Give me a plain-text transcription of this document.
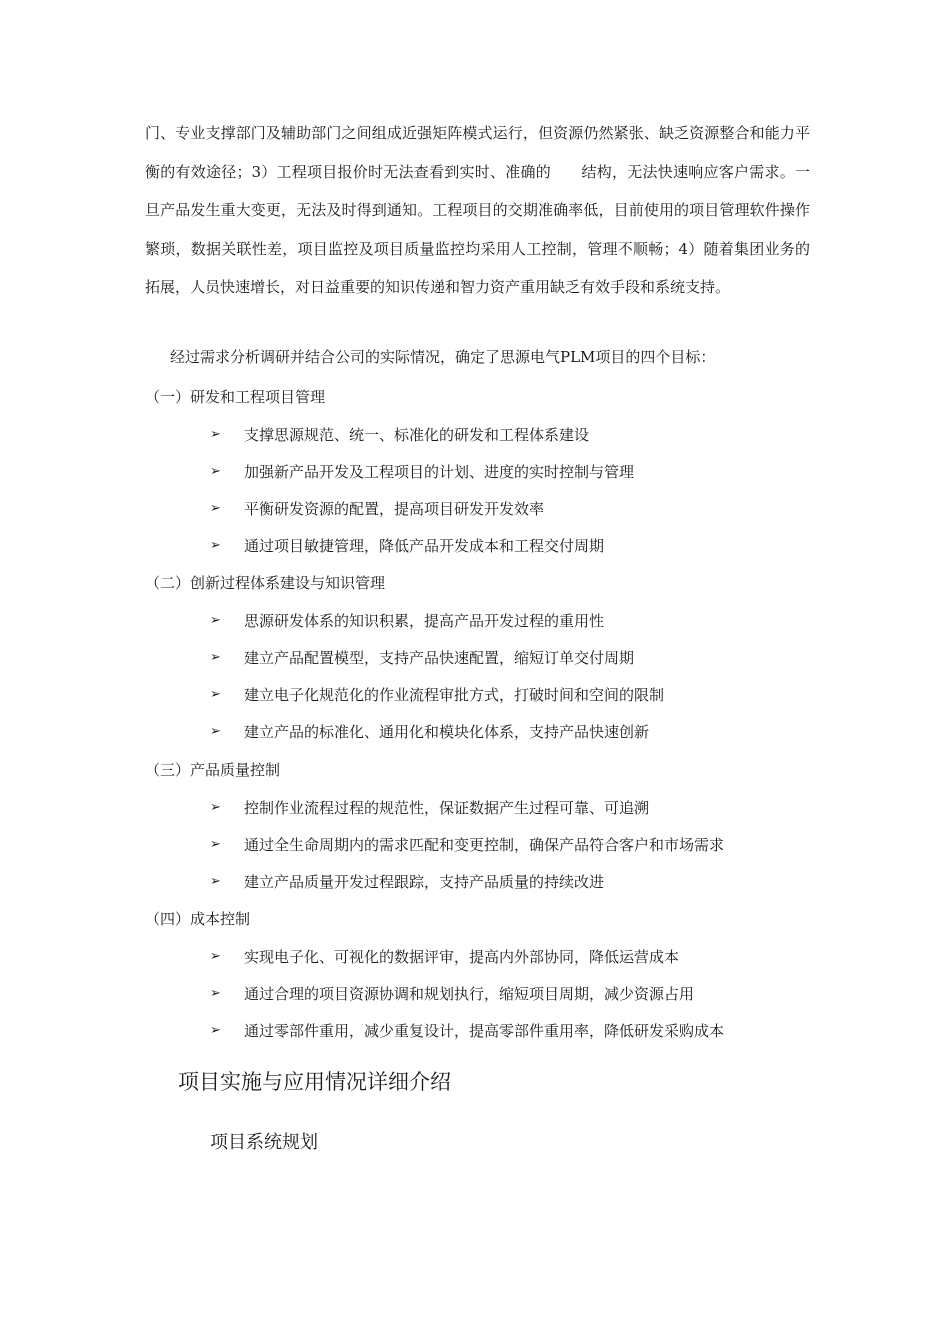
门、专业支撑部门及辅助部门之间组成近强矩阵模式运行，但资源仍然紧张、缺乏资源整合和能力平衡的有效途径；3）工程项目报价时无法查看到实时、准确的　　结构，无法快速响应客户需求。一旦产品发生重大变更，无法及时得到通知。工程项目的交期准确率低，目前使用的项目管理软件操作繁琐，数据关联性差，项目监控及项目质量监控均采用人工控制，管理不顺畅；4）随着集团业务的拓展，人员快速增长，对日益重要的知识传递和智力资产重用缺乏有效手段和系统支持。

经过需求分析调研并结合公司的实际情况，确定了思源电气PLM项目的四个目标：

（一）研发和工程项目管理

➢	支撑思源规范、统一、标准化的研发和工程体系建设
➢	加强新产品开发及工程项目的计划、进度的实时控制与管理
➢	平衡研发资源的配置，提高项目研发开发效率
➢	通过项目敏捷管理，降低产品开发成本和工程交付周期

（二）创新过程体系建设与知识管理

➢	思源研发体系的知识积累，提高产品开发过程的重用性
➢	建立产品配置模型，支持产品快速配置，缩短订单交付周期
➢	建立电子化规范化的作业流程审批方式，打破时间和空间的限制
➢	建立产品的标准化、通用化和模块化体系，支持产品快速创新

（三）产品质量控制

➢	控制作业流程过程的规范性，保证数据产生过程可靠、可追溯
➢	通过全生命周期内的需求匹配和变更控制，确保产品符合客户和市场需求
➢	建立产品质量开发过程跟踪，支持产品质量的持续改进

（四）成本控制

➢	实现电子化、可视化的数据评审，提高内外部协同，降低运营成本
➢	通过合理的项目资源协调和规划执行，缩短项目周期，减少资源占用
➢	通过零部件重用，减少重复设计，提高零部件重用率，降低研发采购成本
项目实施与应用情况详细介绍
项目系统规划
